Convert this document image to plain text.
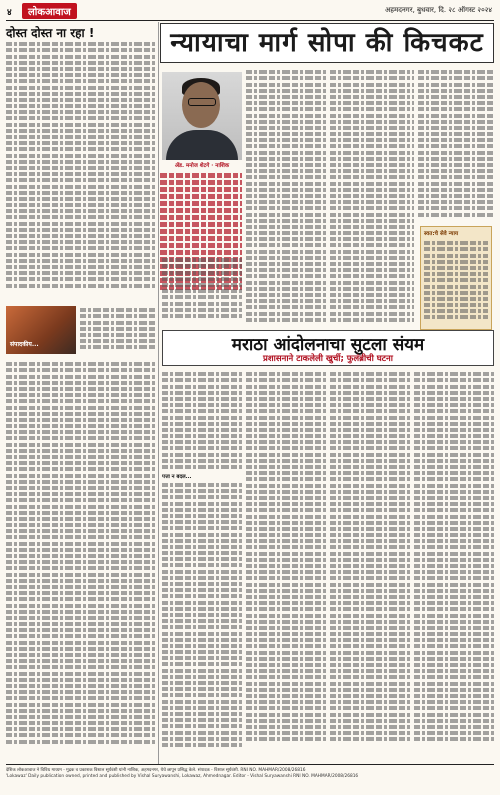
४	लोकआवाज	अहमदनगर, बुधवार, दि. २८ ऑगस्ट २०२४
दोस्त दोस्त ना रहा !
संपादकीय...
न्यायाचा मार्ग सोपा की किचकट
ॲड. मनोज शेटगे · नाशिक
स्वत:चे सेवे न्याय
मराठा आंदोलनाचा सुटला संयम
प्रशासनाने टाकलेली खुर्ची; फुलंब्रीची घटना
पत्ता न बदल...
देशिक लोकआवाज ने विविध माध्यम - मुद्रक व प्रकाशक विशाल सूर्यवंशी यांनी नाशिक, अहमदनगर, येथे छापून प्रसिद्ध केले. संपादक - विशाल सूर्यवंशी. RNI NO. MAHMAR/2008/26816
'Lokawaz' Daily publication owned, printed and published by Vishal Suryawanshi, Lokawaz, Ahmednagar. Editor - Vishal Suryawanshi RNI NO. MAHMAR/2008/26816
